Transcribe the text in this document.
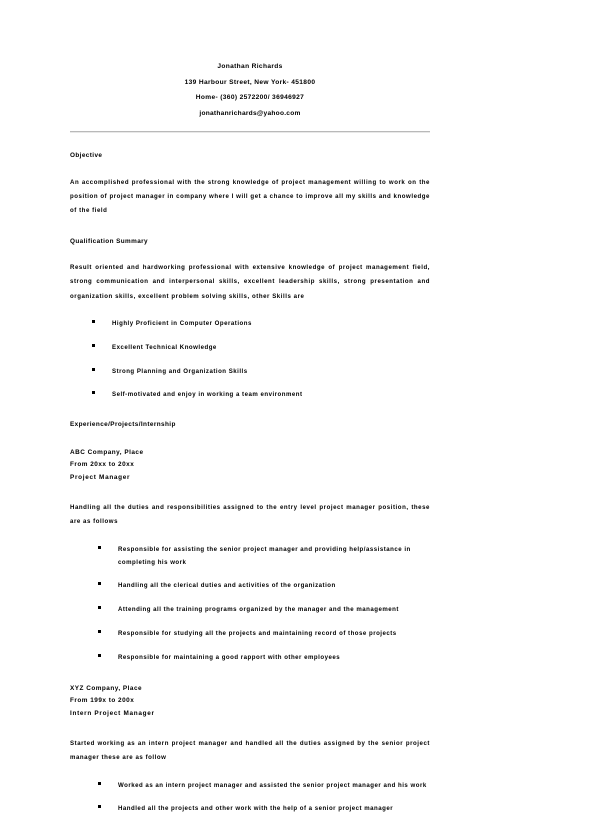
Jonathan Richards
139 Harbour Street, New York- 451800
Home- (360) 2572200/ 36946927
jonathanrichards@yahoo.com
Objective
An accomplished professional with the strong knowledge of project management willing to work on the position of project manager in company where I will get a chance to improve all my skills and knowledge of the field
Qualification Summary
Result oriented and hardworking professional with extensive knowledge of project management field, strong communication and interpersonal skills, excellent leadership skills, strong presentation and organization skills, excellent problem solving skills, other Skills are
Highly Proficient in Computer Operations
Excellent Technical Knowledge
Strong Planning and Organization Skills
Self-motivated and enjoy in working a team environment
Experience/Projects/Internship
ABC Company, Place
From 20xx to 20xx
Project Manager
Handling all the duties and responsibilities assigned to the entry level project manager position, these are as follows
Responsible for assisting the senior project manager and providing help/assistance in completing his work
Handling all the clerical duties and activities of the organization
Attending all the training programs organized by the manager and the management
Responsible for studying all the projects and maintaining record of those projects
Responsible for maintaining a good rapport with other employees
XYZ Company, Place
From 199x to 200x
Intern Project Manager
Started working as an intern project manager and handled all the duties assigned by the senior project manager these are as follow
Worked as an intern project manager and assisted the senior project manager and his work
Handled all the projects and other work with the help of a senior project manager
